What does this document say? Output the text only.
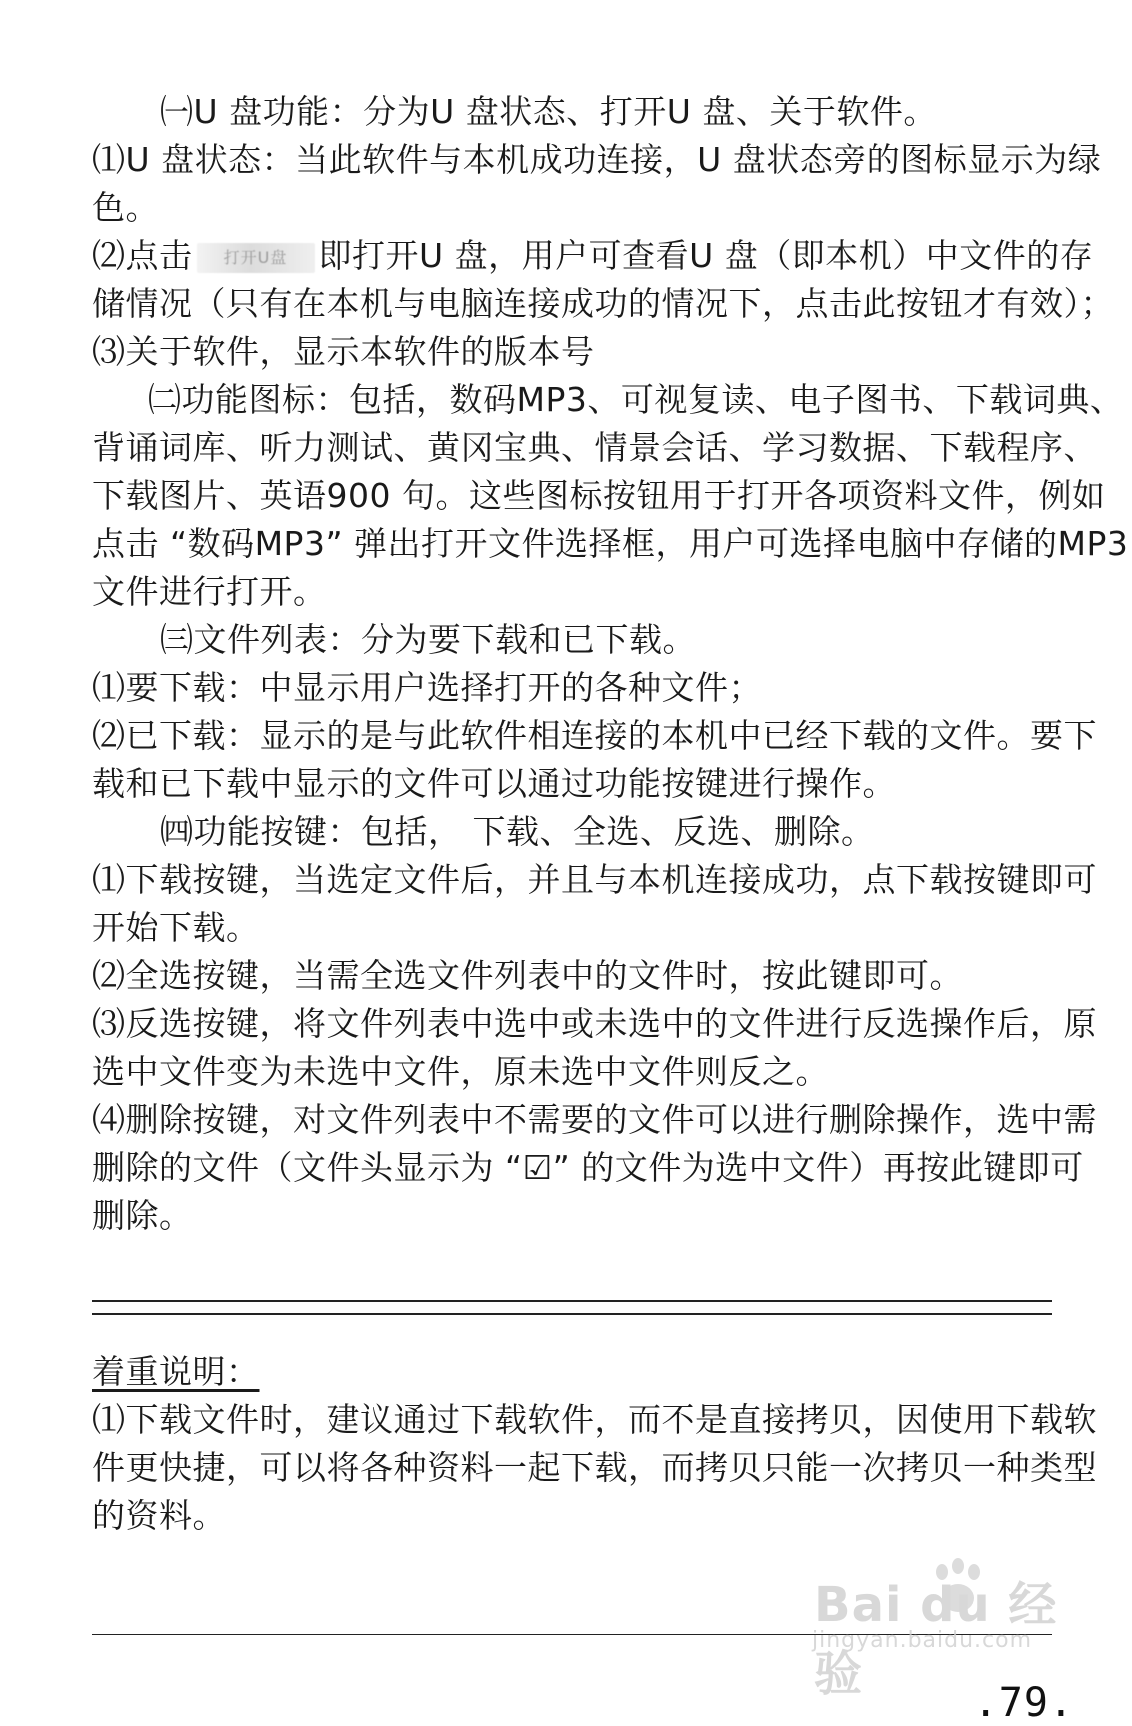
㈠U 盘功能：分为U 盘状态、打开U 盘、关于软件。
⑴U 盘状态：当此软件与本机成功连接，U 盘状态旁的图标显示为绿
色。
⑵点击 打开U盘 即打开U 盘，用户可查看U 盘（即本机）中文件的存
储情况（只有在本机与电脑连接成功的情况下，点击此按钮才有效）；
⑶关于软件，显示本软件的版本号
㈡功能图标：包括，数码MP3、可视复读、电子图书、下载词典、
背诵词库、听力测试、黄冈宝典、情景会话、学习数据、下载程序、
下载图片、英语900 句。这些图标按钮用于打开各项资料文件，例如
点击 “数码MP3” 弹出打开文件选择框，用户可选择电脑中存储的MP3
文件进行打开。
㈢文件列表：分为要下载和已下载。
⑴要下载：中显示用户选择打开的各种文件；
⑵已下载：显示的是与此软件相连接的本机中已经下载的文件。要下
载和已下载中显示的文件可以通过功能按键进行操作。
㈣功能按键：包括， 下载、全选、反选、删除。
⑴下载按键，当选定文件后，并且与本机连接成功，点下载按键即可
开始下载。
⑵全选按键，当需全选文件列表中的文件时，按此键即可。
⑶反选按键，将文件列表中选中或未选中的文件进行反选操作后，原
选中文件变为未选中文件，原未选中文件则反之。
⑷删除按键，对文件列表中不需要的文件可以进行删除操作，选中需
删除的文件（文件头显示为 “☑” 的文件为选中文件）再按此键即可
删除。
着重说明：
⑴下载文件时，建议通过下载软件，而不是直接拷贝，因使用下载软
件更快捷，可以将各种资料一起下载，而拷贝只能一次拷贝一种类型
的资料。
Bai du 经验
jingyan.baidu.com
.79.
